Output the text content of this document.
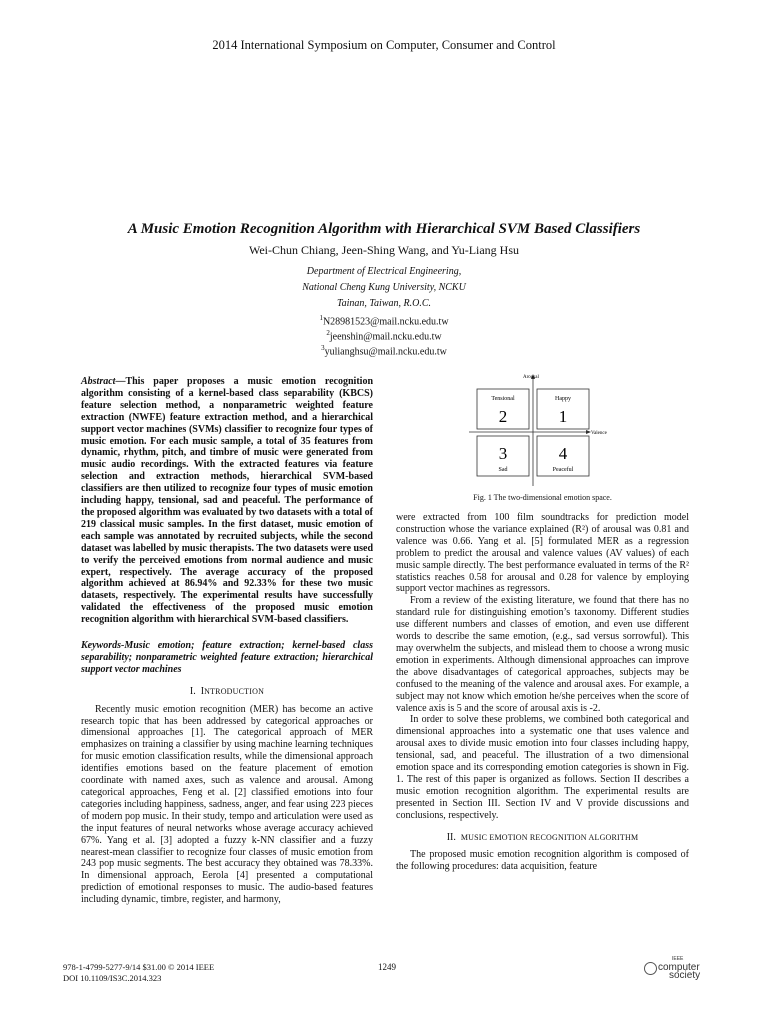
2014 International Symposium on Computer, Consumer and Control
A Music Emotion Recognition Algorithm with Hierarchical SVM Based Classifiers
Wei-Chun Chiang, Jeen-Shing Wang, and Yu-Liang Hsu
Department of Electrical Engineering,
National Cheng Kung University, NCKU
Tainan, Taiwan, R.O.C.
$^1$N28981523@mail.ncku.edu.tw
$^2$jeenshin@mail.ncku.edu.tw
$^3$yulianghsu@mail.ncku.edu.tw
Abstract—This paper proposes a music emotion recognition algorithm consisting of a kernel-based class separability (KBCS) feature selection method, a nonparametric weighted feature extraction (NWFE) feature extraction method, and a hierarchical support vector machines (SVMs) classifier to recognize four types of music emotion. For each music sample, a total of 35 features from dynamic, rhythm, pitch, and timbre of music were generated from music audio recordings. With the extracted features via feature selection and extraction methods, hierarchical SVM-based classifiers are then utilized to recognize four types of music emotion including happy, tensional, sad and peaceful. The performance of the proposed algorithm was evaluated by two datasets with a total of 219 classical music samples. In the first dataset, music emotion of each sample was annotated by recruited subjects, while the second dataset was labelled by music therapists. The two datasets were used to verify the perceived emotions from normal audience and music expert, respectively. The average accuracy of the proposed algorithm achieved at 86.94% and 92.33% for these two music datasets, respectively. The experimental results have successfully validated the effectiveness of the proposed music emotion recognition algorithm with hierarchical SVM-based classifiers.
Keywords-Music emotion; feature extraction; kernel-based class separability; nonparametric weighted feature extraction; hierarchical support vector machines
I. INTRODUCTION

Recently music emotion recognition (MER) has become an active research topic that has been addressed by categorical approaches or dimensional approaches [1]. The categorical approach of MER emphasizes on training a classifier by using machine learning techniques for music emotion classification results, while the dimensional approach identifies emotions based on the feature placement of emotion coordinate with named axes, such as valence and arousal. Among categorical approaches, Feng et al. [2] classified emotions into four categories including happiness, sadness, anger, and fear using 223 pieces of modern pop music. In their study, tempo and articulation were used as the input features of neural networks whose average accuracy achieved 67%. Yang et al. [3] adopted a fuzzy k-NN classifier and a fuzzy nearest-mean classifier to recognize four classes of music emotion from 243 pop music segments. The best accuracy they obtained was 78.33%. In dimensional approach, Eerola [4] presented a computational prediction of emotional responses to music. The audio-based features including dynamic, timbre, register, and harmony,

Arousal
Valence
Tensional
2
Happy
1
3
Sad
4
Peaceful
Fig. 1 The two-dimensional emotion space.

were extracted from 100 film soundtracks for prediction model construction whose the variance explained (R²) of arousal was 0.81 and valence was 0.66. Yang et al. [5] formulated MER as a regression problem to predict the arousal and valence values (AV values) of each music sample directly. The best performance evaluated in terms of the R² statistics reaches 0.58 for arousal and 0.28 for valence by employing support vector machines as regressors.

From a review of the existing literature, we found that there has no standard rule for distinguishing emotion’s taxonomy. Different studies use different numbers and classes of emotion, and even use different words to describe the same emotion, (e.g., sad versus sorrowful). This may overwhelm the subjects, and mislead them to choose a wrong music emotion in experiments. Although dimensional approaches can improve the above disadvantages of categorical approaches, subjects may be confused to the meaning of the valence and arousal axes. For example, a subject may not know which emotion he/she perceives when the score of valence axis is 5 and the score of arousal axis is -2.

In order to solve these problems, we combined both categorical and dimensional approaches into a systematic one that uses valence and arousal axes to divide music emotion into four classes including happy, tensional, sad, and peaceful. The illustration of a two dimensional emotion space and its corresponding emotion categories is shown in Fig. 1. The rest of this paper is organized as follows. Section II describes a music emotion recognition algorithm. The experimental results are presented in Section III. Section IV and V provide discussions and conclusions, respectively.

II. MUSIC EMOTION RECOGNITION ALGORITHM

The proposed music emotion recognition algorithm is composed of the following procedures: data acquisition, feature

978-1-4799-5277-9/14 $31.00 © 2014 IEEE
DOI 10.1109/IS3C.2014.323
1249
IEEE
computer
society
